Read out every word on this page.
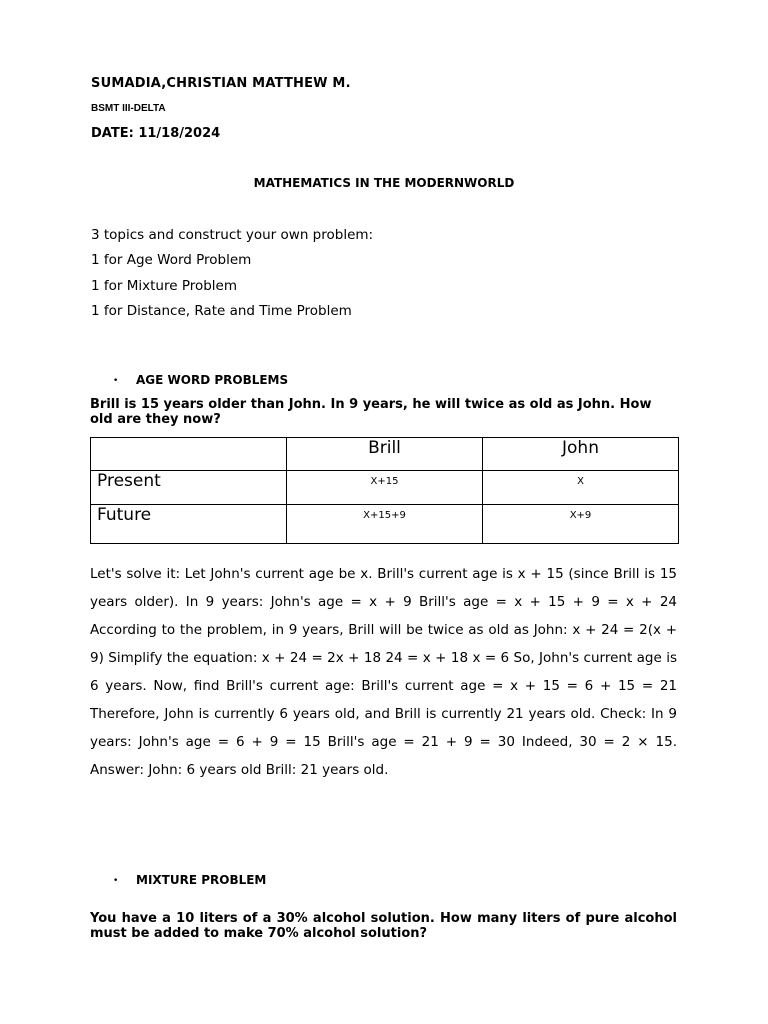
SUMADIA,CHRISTIAN MATTHEW M.
BSMT III-DELTA
DATE: 11/18/2024
MATHEMATICS IN THE MODERNWORLD
3 topics and construct your own problem:
1 for Age Word Problem
1 for Mixture Problem
1 for Distance, Rate and Time Problem
• AGE WORD PROBLEMS
Brill is 15 years older than John. In 9 years, he will twice as old as John. How old are they now?
	Brill	John
Present	X+15	X
Future	X+15+9	X+9
Let's solve it: Let John's current age be x. Brill's current age is x + 15 (since Brill is 15 years older). In 9 years: John's age = x + 9 Brill's age = x + 15 + 9 = x + 24 According to the problem, in 9 years, Brill will be twice as old as John: x + 24 = 2(x + 9) Simplify the equation: x + 24 = 2x + 18 24 = x + 18 x = 6 So, John's current age is 6 years. Now, find Brill's current age: Brill's current age = x + 15 = 6 + 15 = 21 Therefore, John is currently 6 years old, and Brill is currently 21 years old. Check: In 9 years: John's age = 6 + 9 = 15 Brill's age = 21 + 9 = 30 Indeed, 30 = 2 × 15. Answer: John: 6 years old Brill: 21 years old.
• MIXTURE PROBLEM
You have a 10 liters of a 30% alcohol solution. How many liters of pure alcohol must be added to make 70% alcohol solution?
